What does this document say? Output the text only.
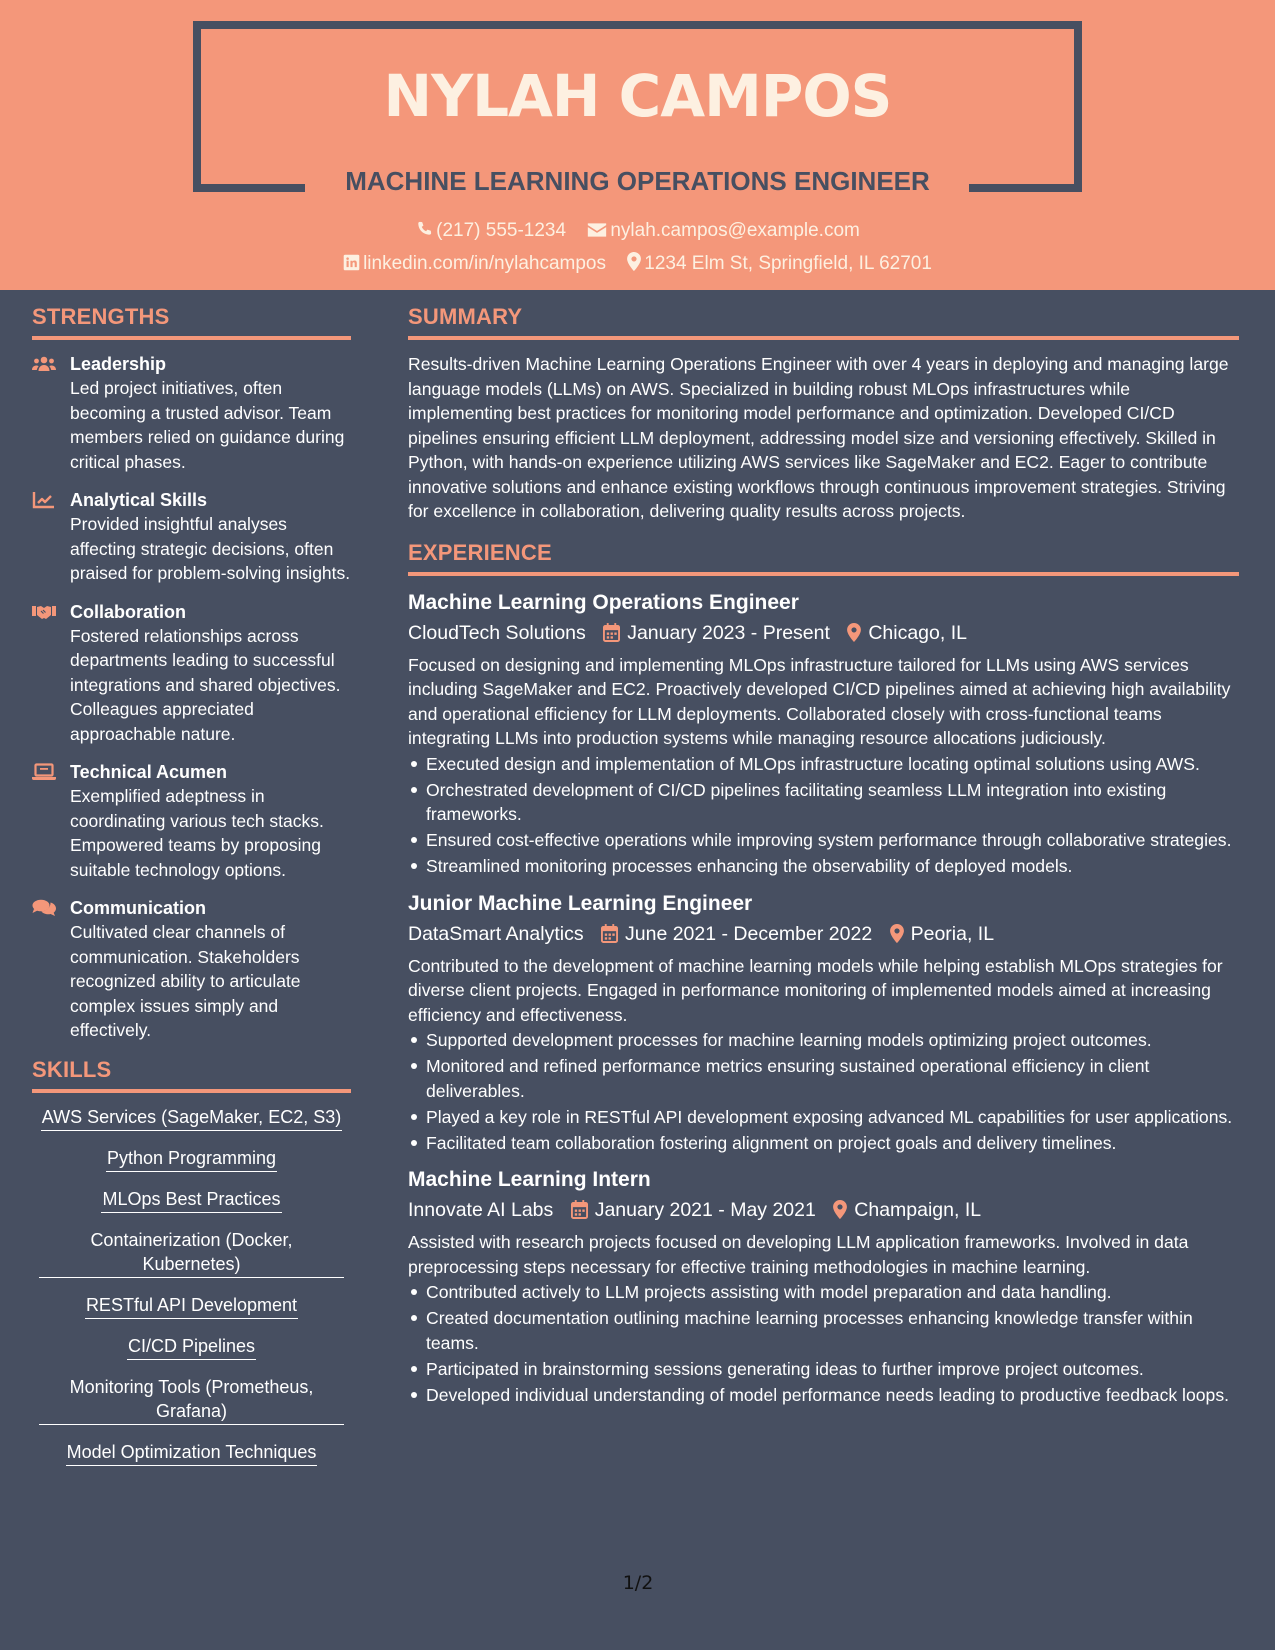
NYLAH CAMPOS
MACHINE LEARNING OPERATIONS ENGINEER
(217) 555-1234 nylah.campos@example.com
linkedin.com/in/nylahcampos 1234 Elm St, Springfield, IL 62701
STRENGTHS
Leadership
Led project initiatives, often becoming a trusted advisor. Team members relied on guidance during critical phases.
Analytical Skills
Provided insightful analyses affecting strategic decisions, often praised for problem-solving insights.
Collaboration
Fostered relationships across departments leading to successful integrations and shared objectives. Colleagues appreciated approachable nature.
Technical Acumen
Exemplified adeptness in coordinating various tech stacks. Empowered teams by proposing suitable technology options.
Communication
Cultivated clear channels of communication. Stakeholders recognized ability to articulate complex issues simply and effectively.
SKILLS
AWS Services (SageMaker, EC2, S3)
Python Programming
MLOps Best Practices
Containerization (Docker, Kubernetes)
RESTful API Development
CI/CD Pipelines
Monitoring Tools (Prometheus, Grafana)
Model Optimization Techniques
SUMMARY
Results-driven Machine Learning Operations Engineer with over 4 years in deploying and managing large language models (LLMs) on AWS. Specialized in building robust MLOps infrastructures while implementing best practices for monitoring model performance and optimization. Developed CI/CD pipelines ensuring efficient LLM deployment, addressing model size and versioning effectively. Skilled in Python, with hands-on experience utilizing AWS services like SageMaker and EC2. Eager to contribute innovative solutions and enhance existing workflows through continuous improvement strategies. Striving for excellence in collaboration, delivering quality results across projects.
EXPERIENCE
Machine Learning Operations Engineer
CloudTech Solutions January 2023 - Present Chicago, IL
Focused on designing and implementing MLOps infrastructure tailored for LLMs using AWS services including SageMaker and EC2. Proactively developed CI/CD pipelines aimed at achieving high availability and operational efficiency for LLM deployments. Collaborated closely with cross-functional teams integrating LLMs into production systems while managing resource allocations judiciously.
Executed design and implementation of MLOps infrastructure locating optimal solutions using AWS.
Orchestrated development of CI/CD pipelines facilitating seamless LLM integration into existing frameworks.
Ensured cost-effective operations while improving system performance through collaborative strategies.
Streamlined monitoring processes enhancing the observability of deployed models.
Junior Machine Learning Engineer
DataSmart Analytics June 2021 - December 2022 Peoria, IL
Contributed to the development of machine learning models while helping establish MLOps strategies for diverse client projects. Engaged in performance monitoring of implemented models aimed at increasing efficiency and effectiveness.
Supported development processes for machine learning models optimizing project outcomes.
Monitored and refined performance metrics ensuring sustained operational efficiency in client deliverables.
Played a key role in RESTful API development exposing advanced ML capabilities for user applications.
Facilitated team collaboration fostering alignment on project goals and delivery timelines.
Machine Learning Intern
Innovate AI Labs January 2021 - May 2021 Champaign, IL
Assisted with research projects focused on developing LLM application frameworks. Involved in data preprocessing steps necessary for effective training methodologies in machine learning.
Contributed actively to LLM projects assisting with model preparation and data handling.
Created documentation outlining machine learning processes enhancing knowledge transfer within teams.
Participated in brainstorming sessions generating ideas to further improve project outcomes.
Developed individual understanding of model performance needs leading to productive feedback loops.
1/2
